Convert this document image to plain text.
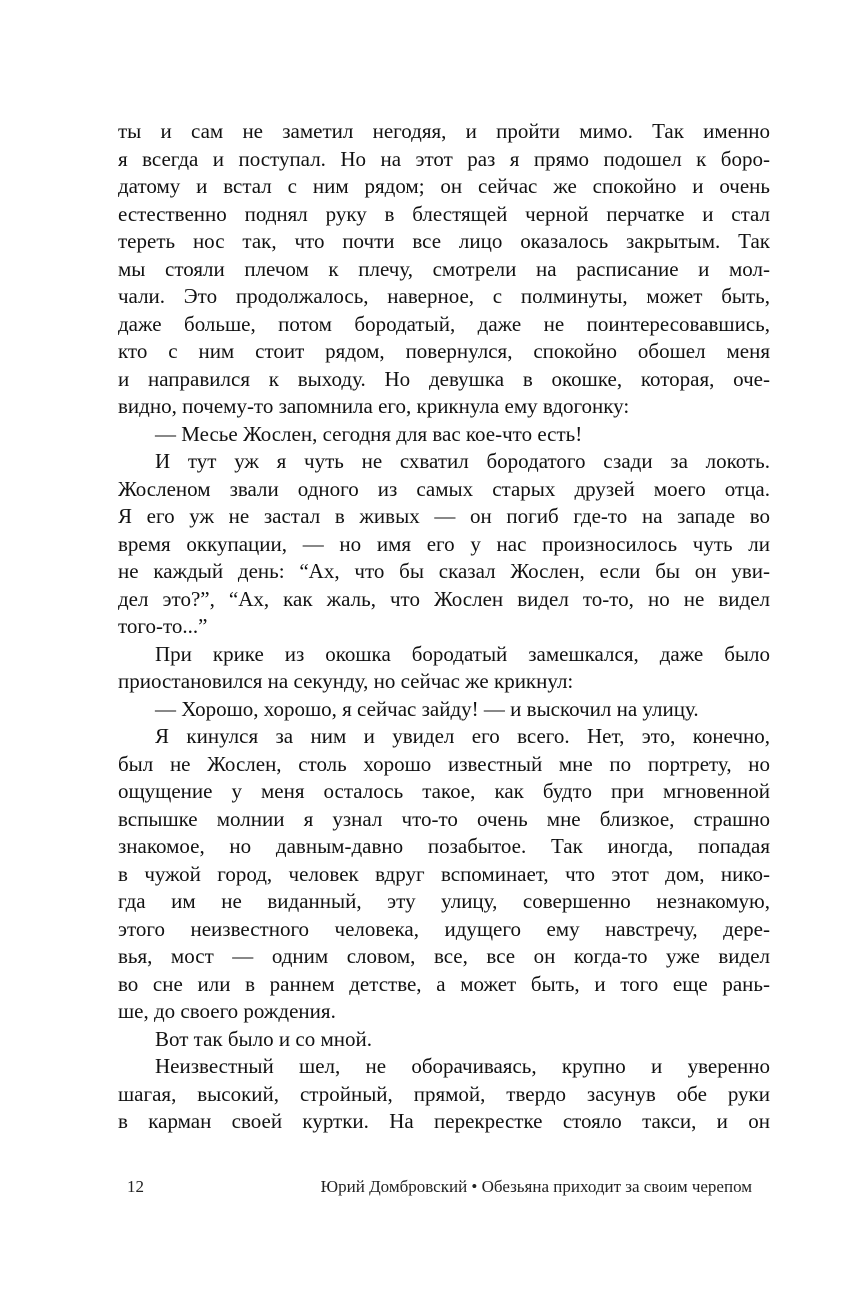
ты и сам не заметил негодяя, и пройти мимо. Так именно
я всегда и поступал. Но на этот раз я прямо подошел к боро-
датому и встал с ним рядом; он сейчас же спокойно и очень
естественно поднял руку в блестящей черной перчатке и стал
тереть нос так, что почти все лицо оказалось закрытым. Так
мы стояли плечом к плечу, смотрели на расписание и мол-
чали. Это продолжалось, наверное, с полминуты, может быть,
даже больше, потом бородатый, даже не поинтересовавшись,
кто с ним стоит рядом, повернулся, спокойно обошел меня
и направился к выходу. Но девушка в окошке, которая, оче-
видно, почему-то запомнила его, крикнула ему вдогонку:
— Месье Жослен, сегодня для вас кое-что есть!
И тут уж я чуть не схватил бородатого сзади за локоть.
Жосленом звали одного из самых старых друзей моего отца.
Я его уж не застал в живых — он погиб где-то на западе во
время оккупации, — но имя его у нас произносилось чуть ли
не каждый день: “Ах, что бы сказал Жослен, если бы он уви-
дел это?”, “Ах, как жаль, что Жослен видел то-то, но не видел
того-то...”
При крике из окошка бородатый замешкался, даже было
приостановился на секунду, но сейчас же крикнул:
— Хорошо, хорошо, я сейчас зайду! — и выскочил на улицу.
Я кинулся за ним и увидел его всего. Нет, это, конечно,
был не Жослен, столь хорошо известный мне по портрету, но
ощущение у меня осталось такое, как будто при мгновенной
вспышке молнии я узнал что-то очень мне близкое, страшно
знакомое, но давным-давно позабытое. Так иногда, попадая
в чужой город, человек вдруг вспоминает, что этот дом, нико-
гда им не виданный, эту улицу, совершенно незнакомую,
этого неизвестного человека, идущего ему навстречу, дере-
вья, мост — одним словом, все, все он когда-то уже видел
во сне или в раннем детстве, а может быть, и того еще рань-
ше, до своего рождения.
Вот так было и со мной.
Неизвестный шел, не оборачиваясь, крупно и уверенно
шагая, высокий, стройный, прямой, твердо засунув обе руки
в карман своей куртки. На перекрестке стояло такси, и он
12	Юрий Домбровский • Обезьяна приходит за своим черепом
